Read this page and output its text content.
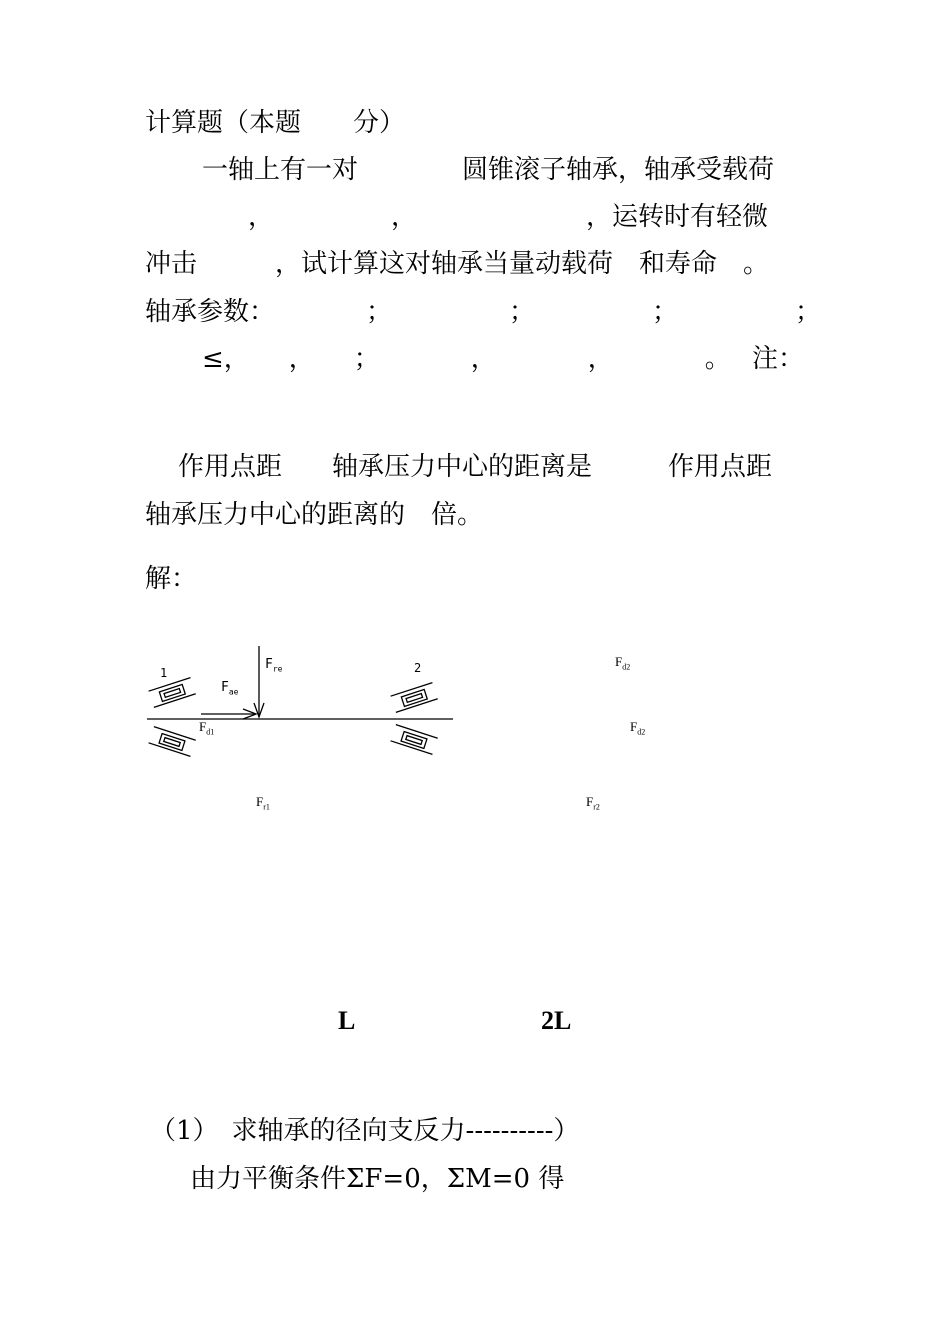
计算题（本题　　分）
一轴上有一对	圆锥滚子轴承，轴承受载荷
，　　　　　，　　　　　　　，运转时有轻微
冲击　　　，试计算这对轴承当量动载荷　和寿命　。
轴承参数：　　　　；　　　　　；　　　　　；　　　　　；
≤，　　，　　；　　　　，　　　　，　　　　。 注：
作用点距 轴承压力中心的距离是	作用点距
轴承压力中心的距离的　倍。
解：
1	2
$F_{re}$
$F_{ae}$
$F_{d1}$
$F_{d2}$
$F_{d2}$
$F_{r1}$	$F_{r2}$
L	2L
（1）　求轴承的径向支反力----------）
由力平衡条件ΣF=0，ΣM=0 得
